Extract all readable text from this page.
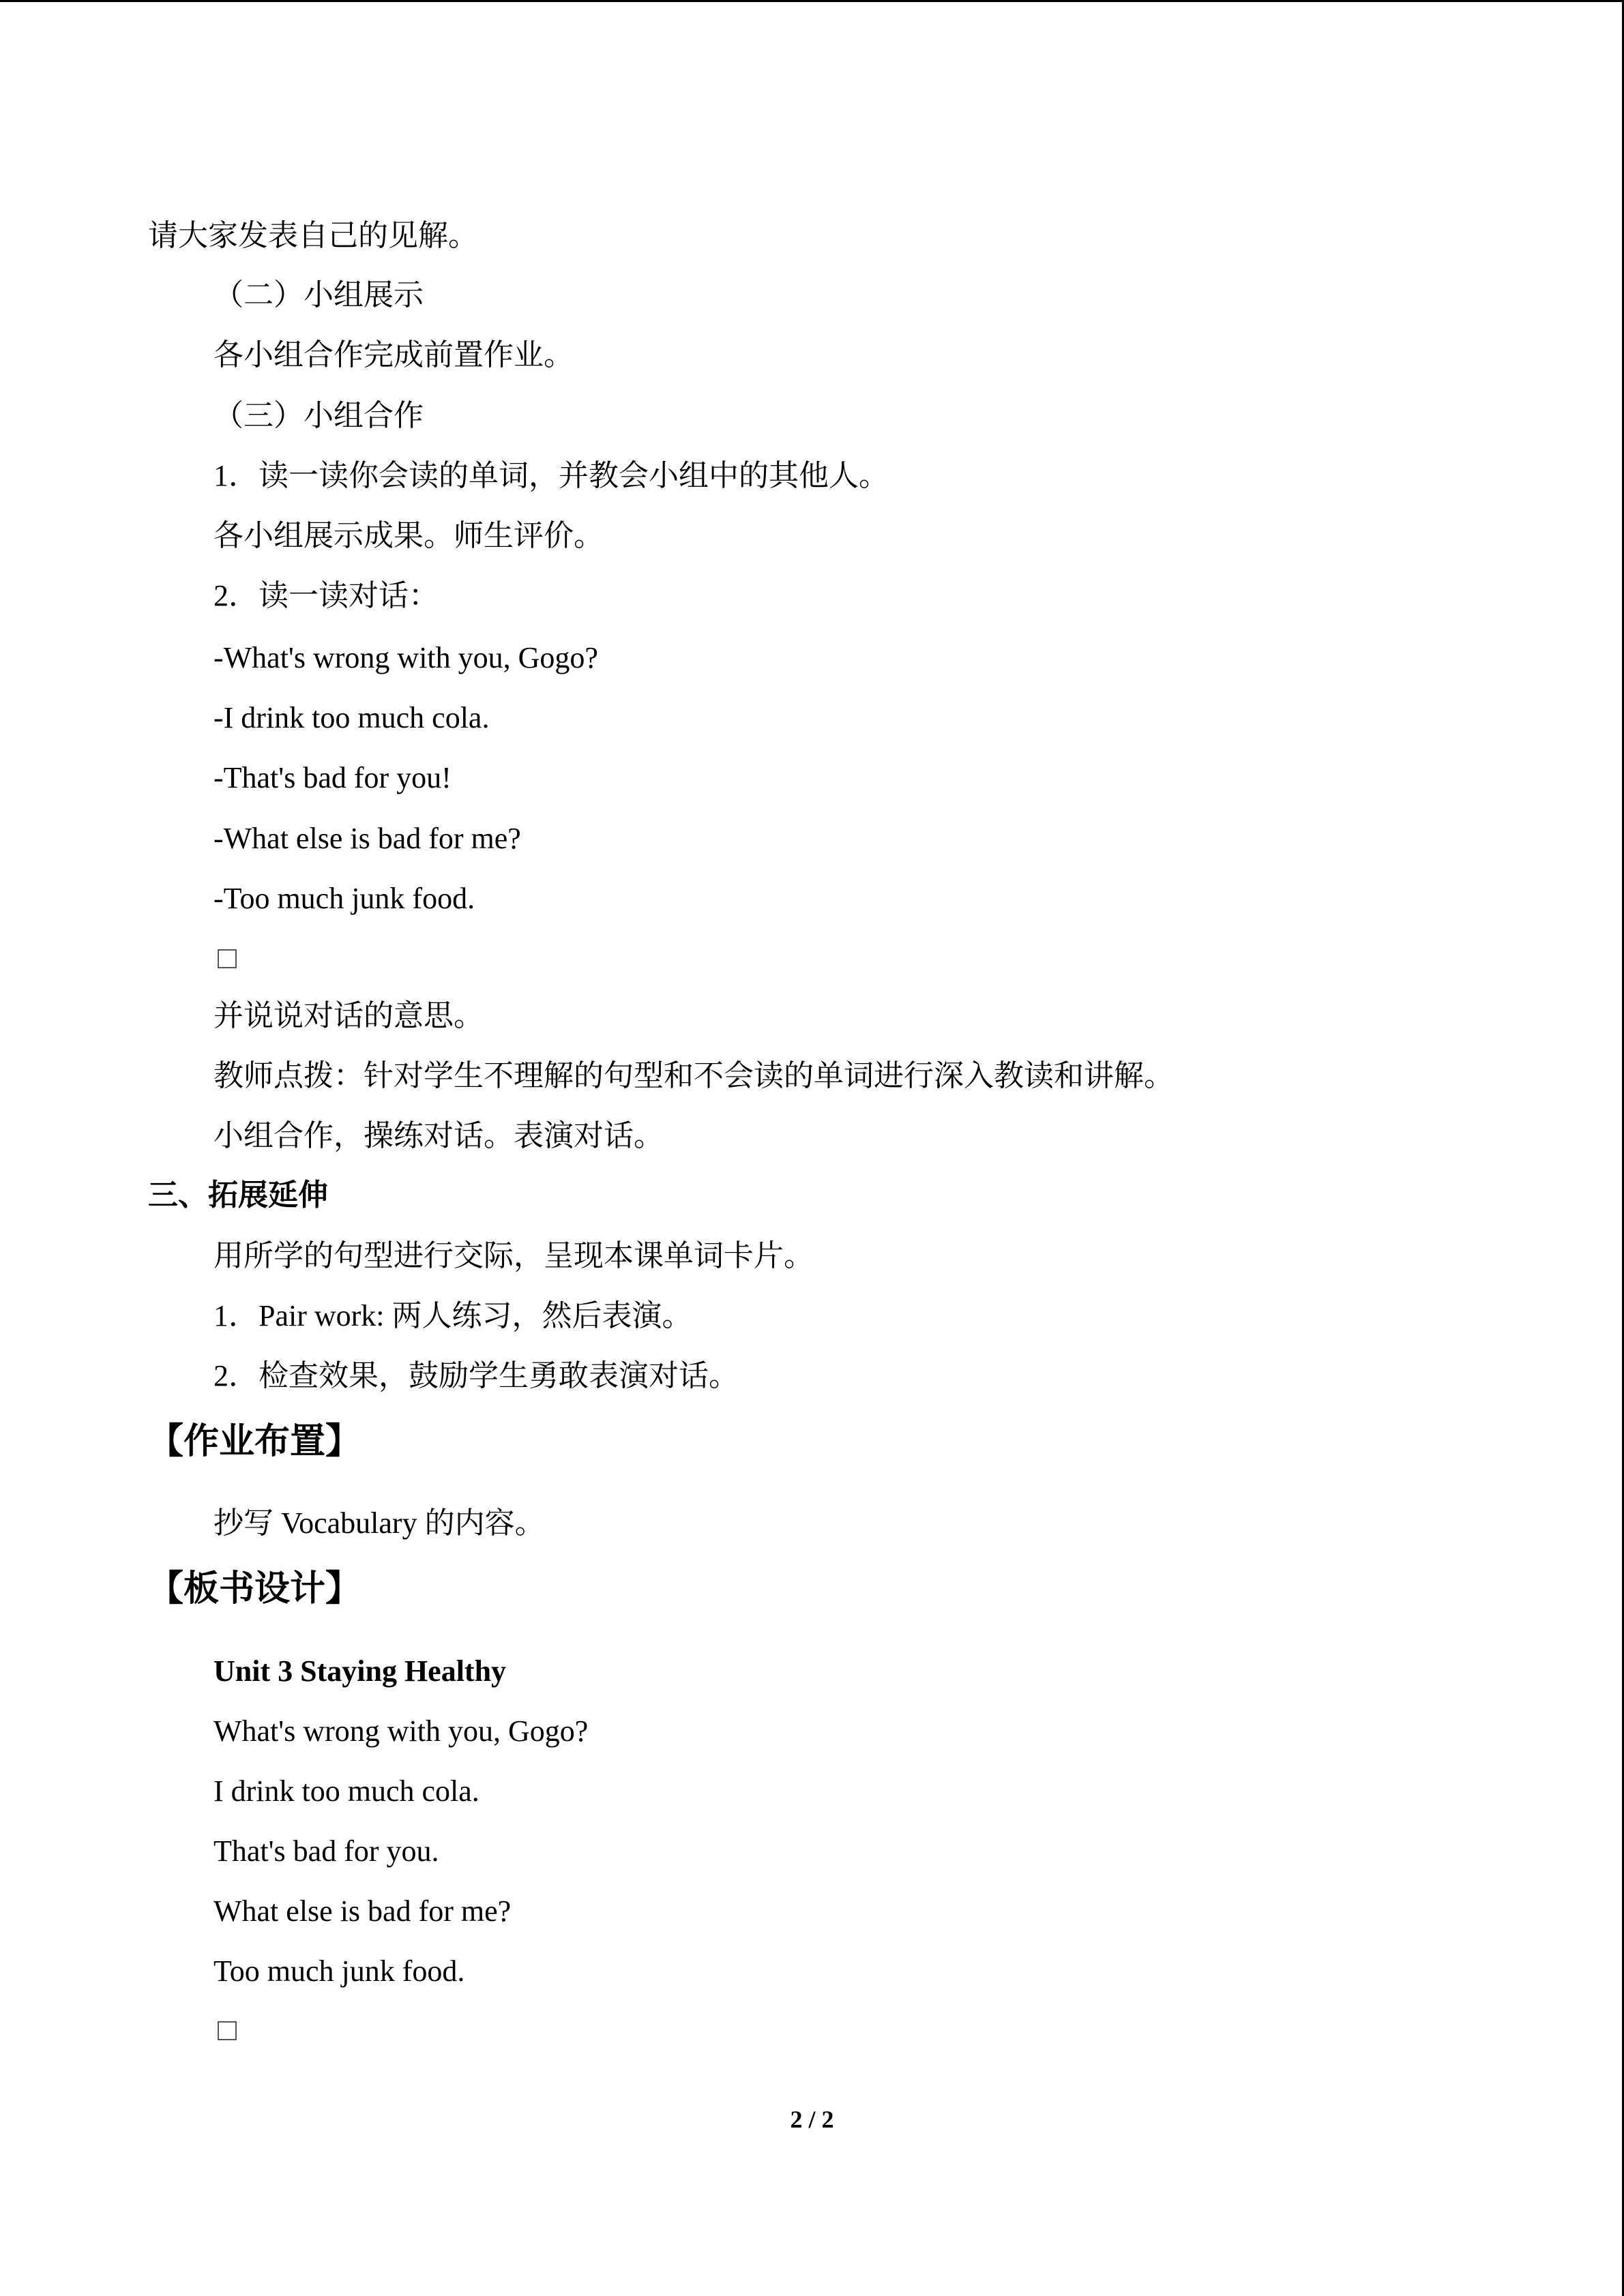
请大家发表自己的见解。
（二）小组展示
各小组合作完成前置作业。
（三）小组合作
1．读一读你会读的单词，并教会小组中的其他人。
各小组展示成果。师生评价。
2．读一读对话：
-What's wrong with you, Gogo?
-I drink too much cola.
-That's bad for you!
-What else is bad for me?
-Too much junk food.
并说说对话的意思。
教师点拨：针对学生不理解的句型和不会读的单词进行深入教读和讲解。
小组合作，操练对话。表演对话。
三、拓展延伸
用所学的句型进行交际，呈现本课单词卡片。
1．Pair work: 两人练习，然后表演。
2．检查效果，鼓励学生勇敢表演对话。
【作业布置】
抄写 Vocabulary 的内容。
【板书设计】
Unit 3 Staying Healthy
What's wrong with you, Gogo?
I drink too much cola.
That's bad for you.
What else is bad for me?
Too much junk food.
2 / 2
